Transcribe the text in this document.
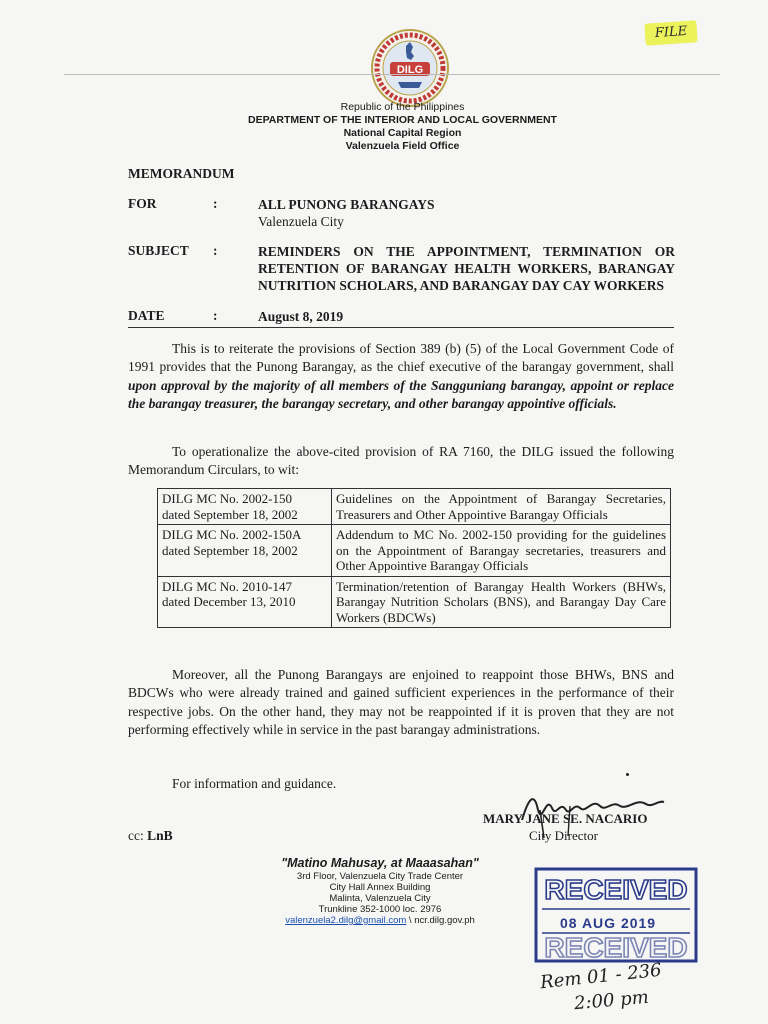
FILE
DILG
Republic of the Philippines
DEPARTMENT OF THE INTERIOR AND LOCAL GOVERNMENT
National Capital Region
Valenzuela Field Office
MEMORANDUM
FOR	:	ALL PUNONG BARANGAYS
Valenzuela City
SUBJECT :	REMINDERS ON THE APPOINTMENT, TERMINATION OR RETENTION OF BARANGAY HEALTH WORKERS, BARANGAY NUTRITION SCHOLARS, AND BARANGAY DAY CAY WORKERS
DATE	:	August 8, 2019
This is to reiterate the provisions of Section 389 (b) (5) of the Local Government Code of 1991 provides that the Punong Barangay, as the chief executive of the barangay government, shall upon approval by the majority of all members of the Sangguniang barangay, appoint or replace the barangay treasurer, the barangay secretary, and other barangay appointive officials.
To operationalize the above-cited provision of RA 7160, the DILG issued the following Memorandum Circulars, to wit:
DILG MC No. 2002-150
dated September 18, 2002	Guidelines on the Appointment of Barangay Secretaries, Treasurers and Other Appointive Barangay Officials

DILG MC No. 2002-150A
dated September 18, 2002	Addendum to MC No. 2002-150 providing for the guidelines on the Appointment of Barangay secretaries, treasurers and Other Appointive Barangay Officials

DILG MC No. 2010-147
dated December 13, 2010	Termination/retention of Barangay Health Workers (BHWs, Barangay Nutrition Scholars (BNS), and Barangay Day Care Workers (BDCWs)
Moreover, all the Punong Barangays are enjoined to reappoint those BHWs, BNS and BDCWs who were already trained and gained sufficient experiences in the performance of their respective jobs. On the other hand, they may not be reappointed if it is proven that they are not performing effectively while in service in the past barangay administrations.
For information and guidance.
MARY JANE SE. NACARIO
City Director
cc: LnB
"Matino Mahusay, at Maaasahan"
3rd Floor, Valenzuela City Trade Center
City Hall Annex Building
Malinta, Valenzuela City
Trunkline 352-1000 loc. 2976
valenzuela2.dilg@gmail.com \ ncr.dilg.gov.ph
RECEIVED
RECEIVED
08 AUG 2019
Rem 01 - 236
2:00 pm
